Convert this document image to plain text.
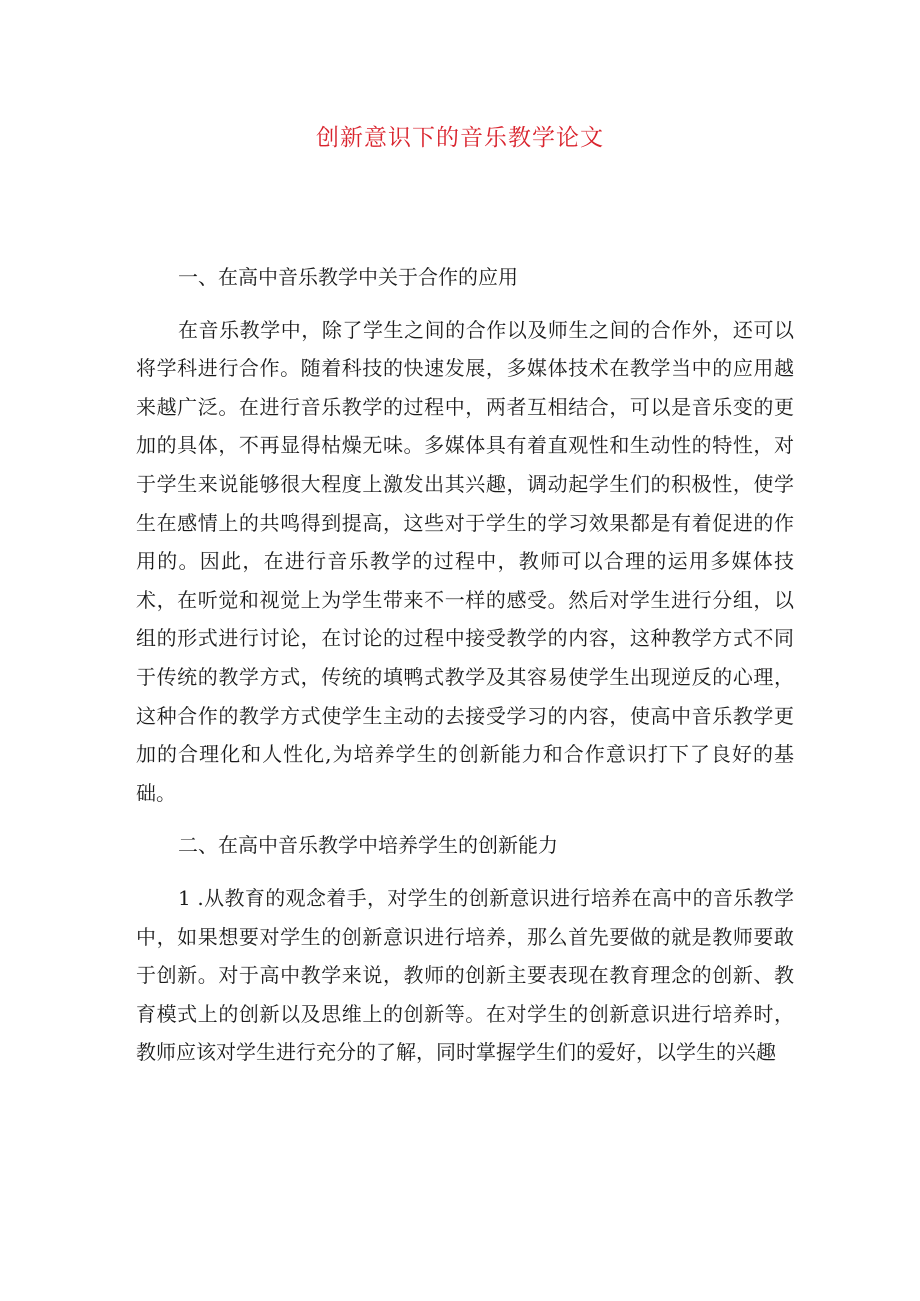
创新意识下的音乐教学论文
一、在高中音乐教学中关于合作的应用

在音乐教学中，除了学生之间的合作以及师生之间的合作外，还可以将学科进行合作。随着科技的快速发展，多媒体技术在教学当中的应用越来越广泛。在进行音乐教学的过程中，两者互相结合，可以是音乐变的更加的具体，不再显得枯燥无味。多媒体具有着直观性和生动性的特性，对于学生来说能够很大程度上激发出其兴趣，调动起学生们的积极性，使学生在感情上的共鸣得到提高，这些对于学生的学习效果都是有着促进的作用的。因此，在进行音乐教学的过程中，教师可以合理的运用多媒体技术，在听觉和视觉上为学生带来不一样的感受。然后对学生进行分组，以组的形式进行讨论，在讨论的过程中接受教学的内容，这种教学方式不同于传统的教学方式，传统的填鸭式教学及其容易使学生出现逆反的心理，这种合作的教学方式使学生主动的去接受学习的内容，使高中音乐教学更加的合理化和人性化,为培养学生的创新能力和合作意识打下了良好的基础。

二、在高中音乐教学中培养学生的创新能力

1 .从教育的观念着手，对学生的创新意识进行培养在高中的音乐教学中，如果想要对学生的创新意识进行培养，那么首先要做的就是教师要敢于创新。对于高中教学来说，教师的创新主要表现在教育理念的创新、教育模式上的创新以及思维上的创新等。在对学生的创新意识进行培养时，教师应该对学生进行充分的了解，同时掌握学生们的爱好，以学生的兴趣
